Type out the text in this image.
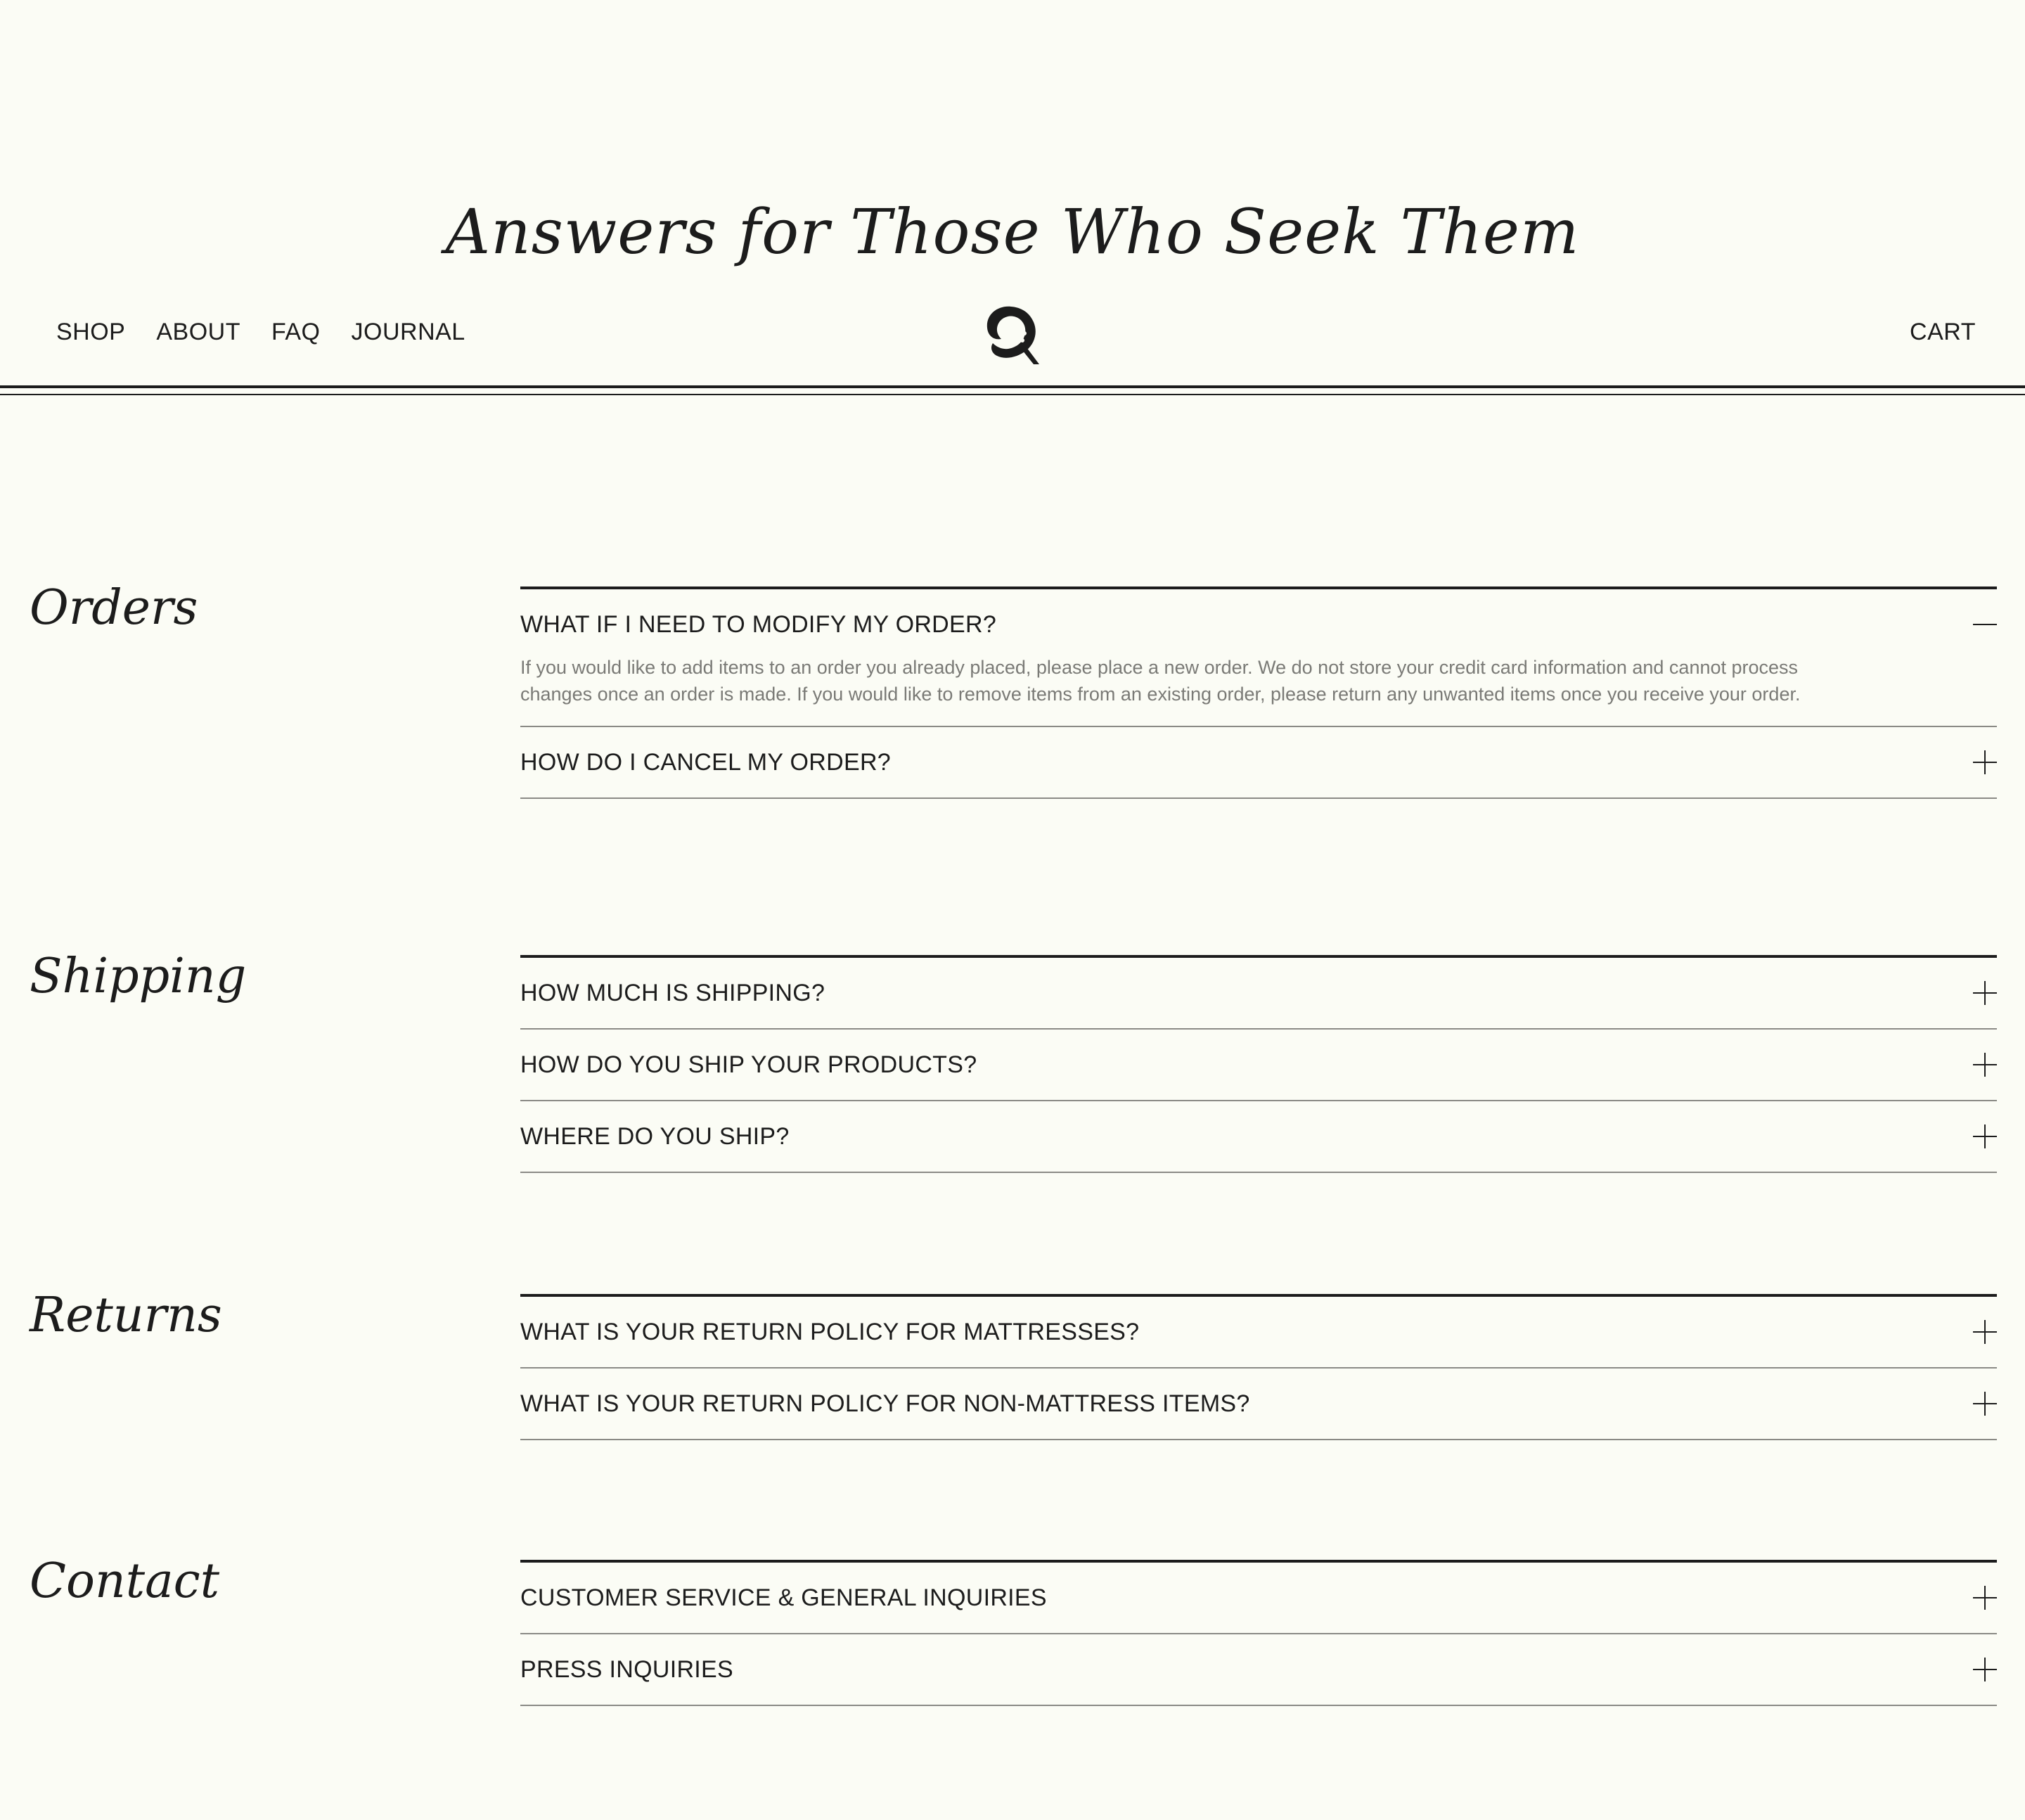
Answers for Those Who Seek Them
SHOP ABOUT FAQ JOURNAL	CART
Orders	WHAT IF I NEED TO MODIFY MY ORDER?
If you would like to add items to an order you already placed, please place a new order. We do not store your credit card information and cannot process changes once an order is made. If you would like to remove items from an existing order, please return any unwanted items once you receive your order.
HOW DO I CANCEL MY ORDER?
Shipping	HOW MUCH IS SHIPPING?
HOW DO YOU SHIP YOUR PRODUCTS?
WHERE DO YOU SHIP?
Returns	WHAT IS YOUR RETURN POLICY FOR MATTRESSES?
WHAT IS YOUR RETURN POLICY FOR NON-MATTRESS ITEMS?
Contact	CUSTOMER SERVICE & GENERAL INQUIRIES
PRESS INQUIRIES
